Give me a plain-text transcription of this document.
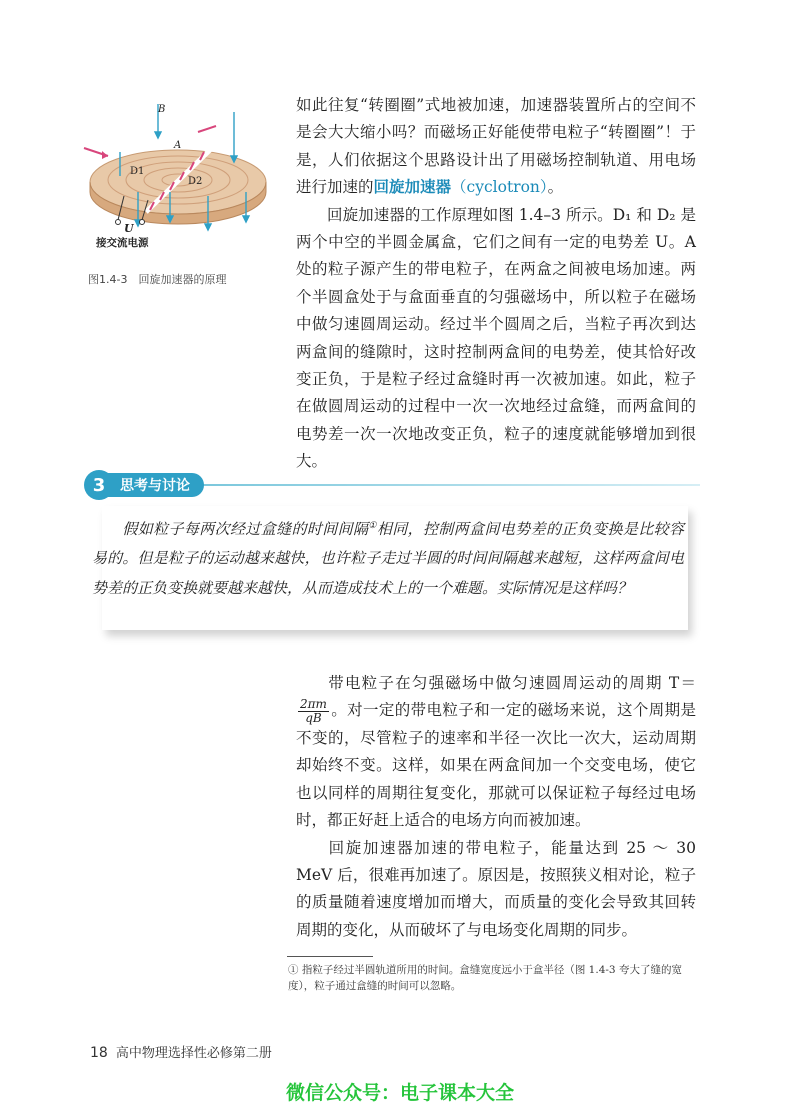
B
A
D1
D2
U
接交流电源
图1.4-3　回旋加速器的原理

如此往复“转圈圈”式地被加速，加速器装置所占的空间不是会大大缩小吗？而磁场正好能使带电粒子“转圈圈”！于是，人们依据这个思路设计出了用磁场控制轨道、用电场进行加速的回旋加速器（cyclotron）。
回旋加速器的工作原理如图 1.4–3 所示。D₁ 和 D₂ 是两个中空的半圆金属盒，它们之间有一定的电势差 U。A 处的粒子源产生的带电粒子，在两盒之间被电场加速。两个半圆盒处于与盒面垂直的匀强磁场中，所以粒子在磁场中做匀速圆周运动。经过半个圆周之后，当粒子再次到达两盒间的缝隙时，这时控制两盒间的电势差，使其恰好改变正负，于是粒子经过盒缝时再一次被加速。如此，粒子在做圆周运动的过程中一次一次地经过盒缝，而两盒间的电势差一次一次地改变正负，粒子的速度就能够增加到很大。

3	思考与讨论

假如粒子每两次经过盒缝的时间间隔①相同，控制两盒间电势差的正负变换是比较容易的。但是粒子的运动越来越快，也许粒子走过半圆的时间间隔越来越短，这样两盒间电势差的正负变换就要越来越快，从而造成技术上的一个难题。实际情况是这样吗？

带电粒子在匀强磁场中做匀速圆周运动的周期 T＝
$\frac{2\pi m}{qB}$ 。对一定的带电粒子和一定的磁场来说，这个周期是不变的，尽管粒子的速率和半径一次比一次大，运动周期却始终不变。这样，如果在两盒间加一个交变电场，使它也以同样的周期往复变化，那就可以保证粒子每经过电场时，都正好赶上适合的电场方向而被加速。
回旋加速器加速的带电粒子，能量达到 25 ～ 30 MeV 后，很难再加速了。原因是，按照狭义相对论，粒子的质量随着速度增加而增大，而质量的变化会导致其回转周期的变化，从而破坏了与电场变化周期的同步。

① 指粒子经过半圆轨道所用的时间。盒缝宽度远小于盒半径（图 1.4-3 夸大了缝的宽度），粒子通过盒缝的时间可以忽略。

18 高中物理选择性必修第二册
微信公众号：电子课本大全
